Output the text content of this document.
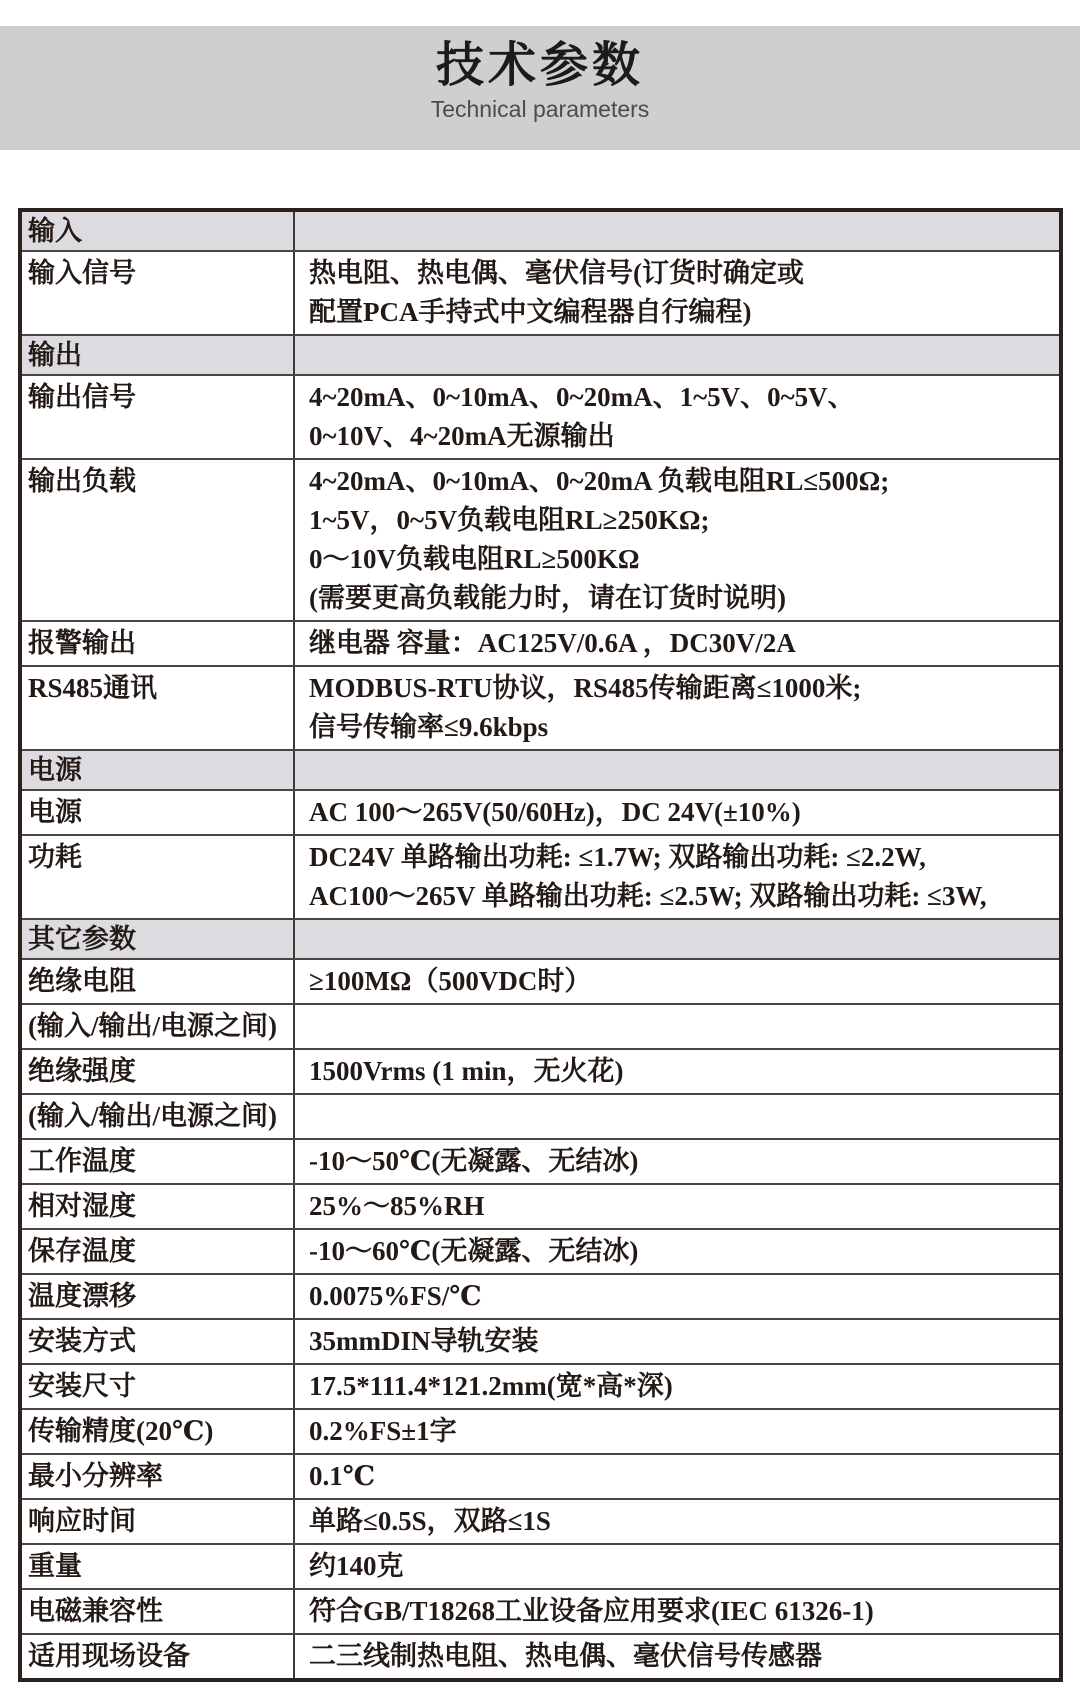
技术参数
Technical parameters
输入
输入信号	热电阻、热电偶、毫伏信号(订货时确定或
配置PCA手持式中文编程器自行编程)
输出
输出信号	4~20mA、0~10mA、0~20mA、1~5V、0~5V、
0~10V、4~20mA无源输出
输出负载	4~20mA、0~10mA、0~20mA 负载电阻RL≤500Ω;
1~5V，0~5V负载电阻RL≥250KΩ;
0～10V负载电阻RL≥500KΩ
(需要更高负载能力时，请在订货时说明)
报警输出	继电器 容量：AC125V/0.6A ，DC30V/2A
RS485通讯	MODBUS-RTU协议，RS485传输距离≤1000米;
信号传输率≤9.6kbps
电源
电源	AC 100～265V(50/60Hz)，DC 24V(±10%)
功耗	DC24V 单路输出功耗: ≤1.7W; 双路输出功耗: ≤2.2W,
AC100～265V 单路输出功耗: ≤2.5W; 双路输出功耗: ≤3W,
其它参数
绝缘电阻	≥100MΩ（500VDC时）
(输入/输出/电源之间)
绝缘强度	1500Vrms (1 min，无火花)
(输入/输出/电源之间)
工作温度	-10～50℃(无凝露、无结冰)
相对湿度	25%～85%RH
保存温度	-10～60℃(无凝露、无结冰)
温度漂移	0.0075%FS/℃
安装方式	35mmDIN导轨安装
安装尺寸	17.5*111.4*121.2mm(宽*高*深)
传输精度(20℃)	0.2%FS±1字
最小分辨率	0.1℃
响应时间	单路≤0.5S，双路≤1S
重量	约140克
电磁兼容性	符合GB/T18268工业设备应用要求(IEC 61326-1)
适用现场设备	二三线制热电阻、热电偶、毫伏信号传感器
